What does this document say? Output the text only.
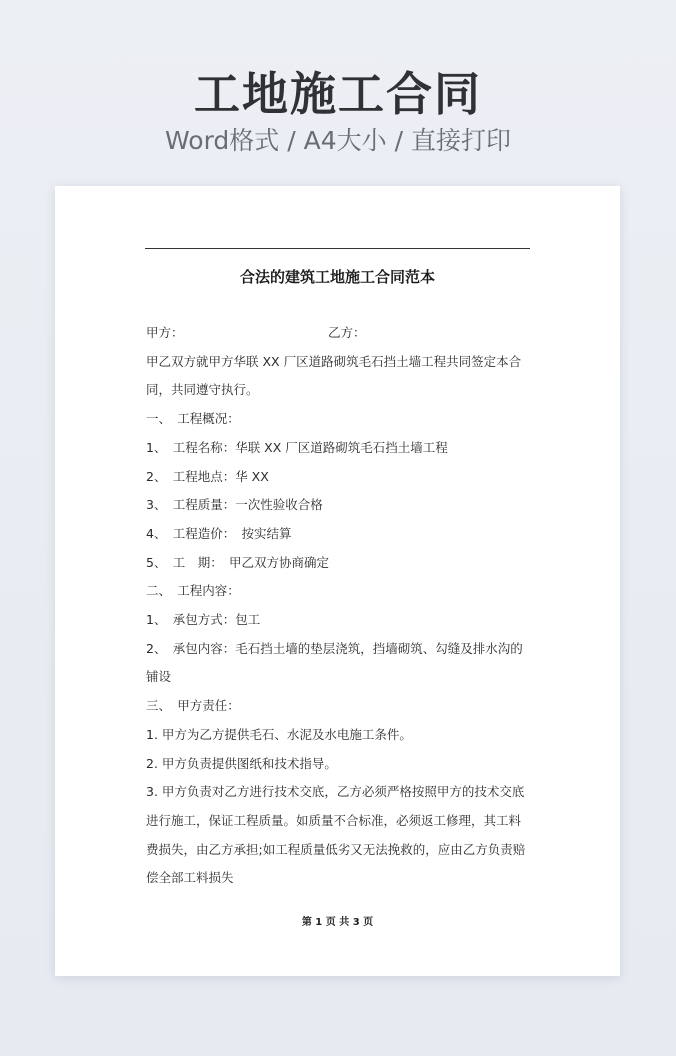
工地施工合同
Word格式 / A4大小 / 直接打印
合法的建筑工地施工合同范本
甲方：	乙方：

甲乙双方就甲方华联 XX 厂区道路砌筑毛石挡土墙工程共同签定本合同，共同遵守执行。

一、　工程概况：

1、　工程名称：华联 XX 厂区道路砌筑毛石挡土墙工程

2、　工程地点：华 XX

3、　工程质量：一次性验收合格

4、　工程造价：　按实结算

5、　工　期：　甲乙双方协商确定

二、　工程内容：

1、　承包方式：包工

2、　承包内容：毛石挡土墙的垫层浇筑，挡墙砌筑、勾缝及排水沟的铺设

三、　甲方责任：

1. 甲方为乙方提供毛石、水泥及水电施工条件。

2. 甲方负责提供图纸和技术指导。

3. 甲方负责对乙方进行技术交底，乙方必须严格按照甲方的技术交底进行施工，保证工程质量。如质量不合标准，必须返工修理，其工料费损失，由乙方承担;如工程质量低劣又无法挽救的，应由乙方负责赔偿全部工料损失

第 1 页 共 3 页
